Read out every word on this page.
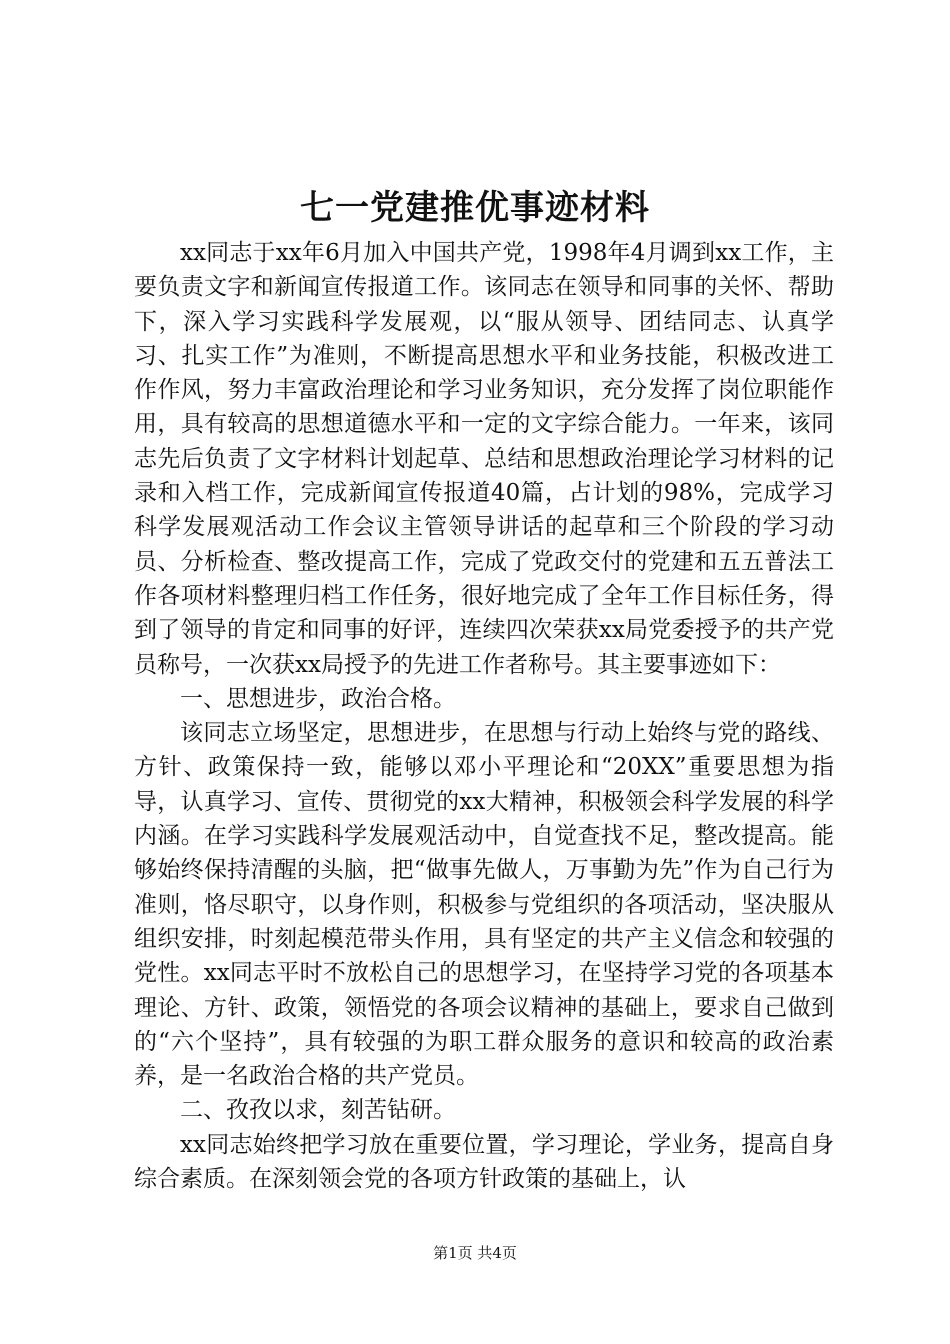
七一党建推优事迹材料

xx同志于xx年6月加入中国共产党，1998年4月调到xx工作，主要负责文字和新闻宣传报道工作。该同志在领导和同事的关怀、帮助下，深入学习实践科学发展观，以“服从领导、团结同志、认真学习、扎实工作”为准则，不断提高思想水平和业务技能，积极改进工作作风，努力丰富政治理论和学习业务知识，充分发挥了岗位职能作用，具有较高的思想道德水平和一定的文字综合能力。一年来，该同志先后负责了文字材料计划起草、总结和思想政治理论学习材料的记录和入档工作，完成新闻宣传报道40篇，占计划的98%，完成学习科学发展观活动工作会议主管领导讲话的起草和三个阶段的学习动员、分析检查、整改提高工作，完成了党政交付的党建和五五普法工作各项材料整理归档工作任务，很好地完成了全年工作目标任务，得到了领导的肯定和同事的好评，连续四次荣获xx局党委授予的共产党员称号，一次获xx局授予的先进工作者称号。其主要事迹如下：

一、思想进步，政治合格。

该同志立场坚定，思想进步，在思想与行动上始终与党的路线、方针、政策保持一致，能够以邓小平理论和“20XX”重要思想为指导，认真学习、宣传、贯彻党的xx大精神，积极领会科学发展的科学内涵。在学习实践科学发展观活动中，自觉查找不足，整改提高。能够始终保持清醒的头脑，把“做事先做人，万事勤为先”作为自己行为准则，恪尽职守，以身作则，积极参与党组织的各项活动，坚决服从组织安排，时刻起模范带头作用，具有坚定的共产主义信念和较强的党性。xx同志平时不放松自己的思想学习，在坚持学习党的各项基本理论、方针、政策，领悟党的各项会议精神的基础上，要求自己做到的“六个坚持”，具有较强的为职工群众服务的意识和较高的政治素养，是一名政治合格的共产党员。

二、孜孜以求，刻苦钻研。

xx同志始终把学习放在重要位置，学习理论，学业务，提高自身综合素质。在深刻领会党的各项方针政策的基础上，认

第1页 共4页
